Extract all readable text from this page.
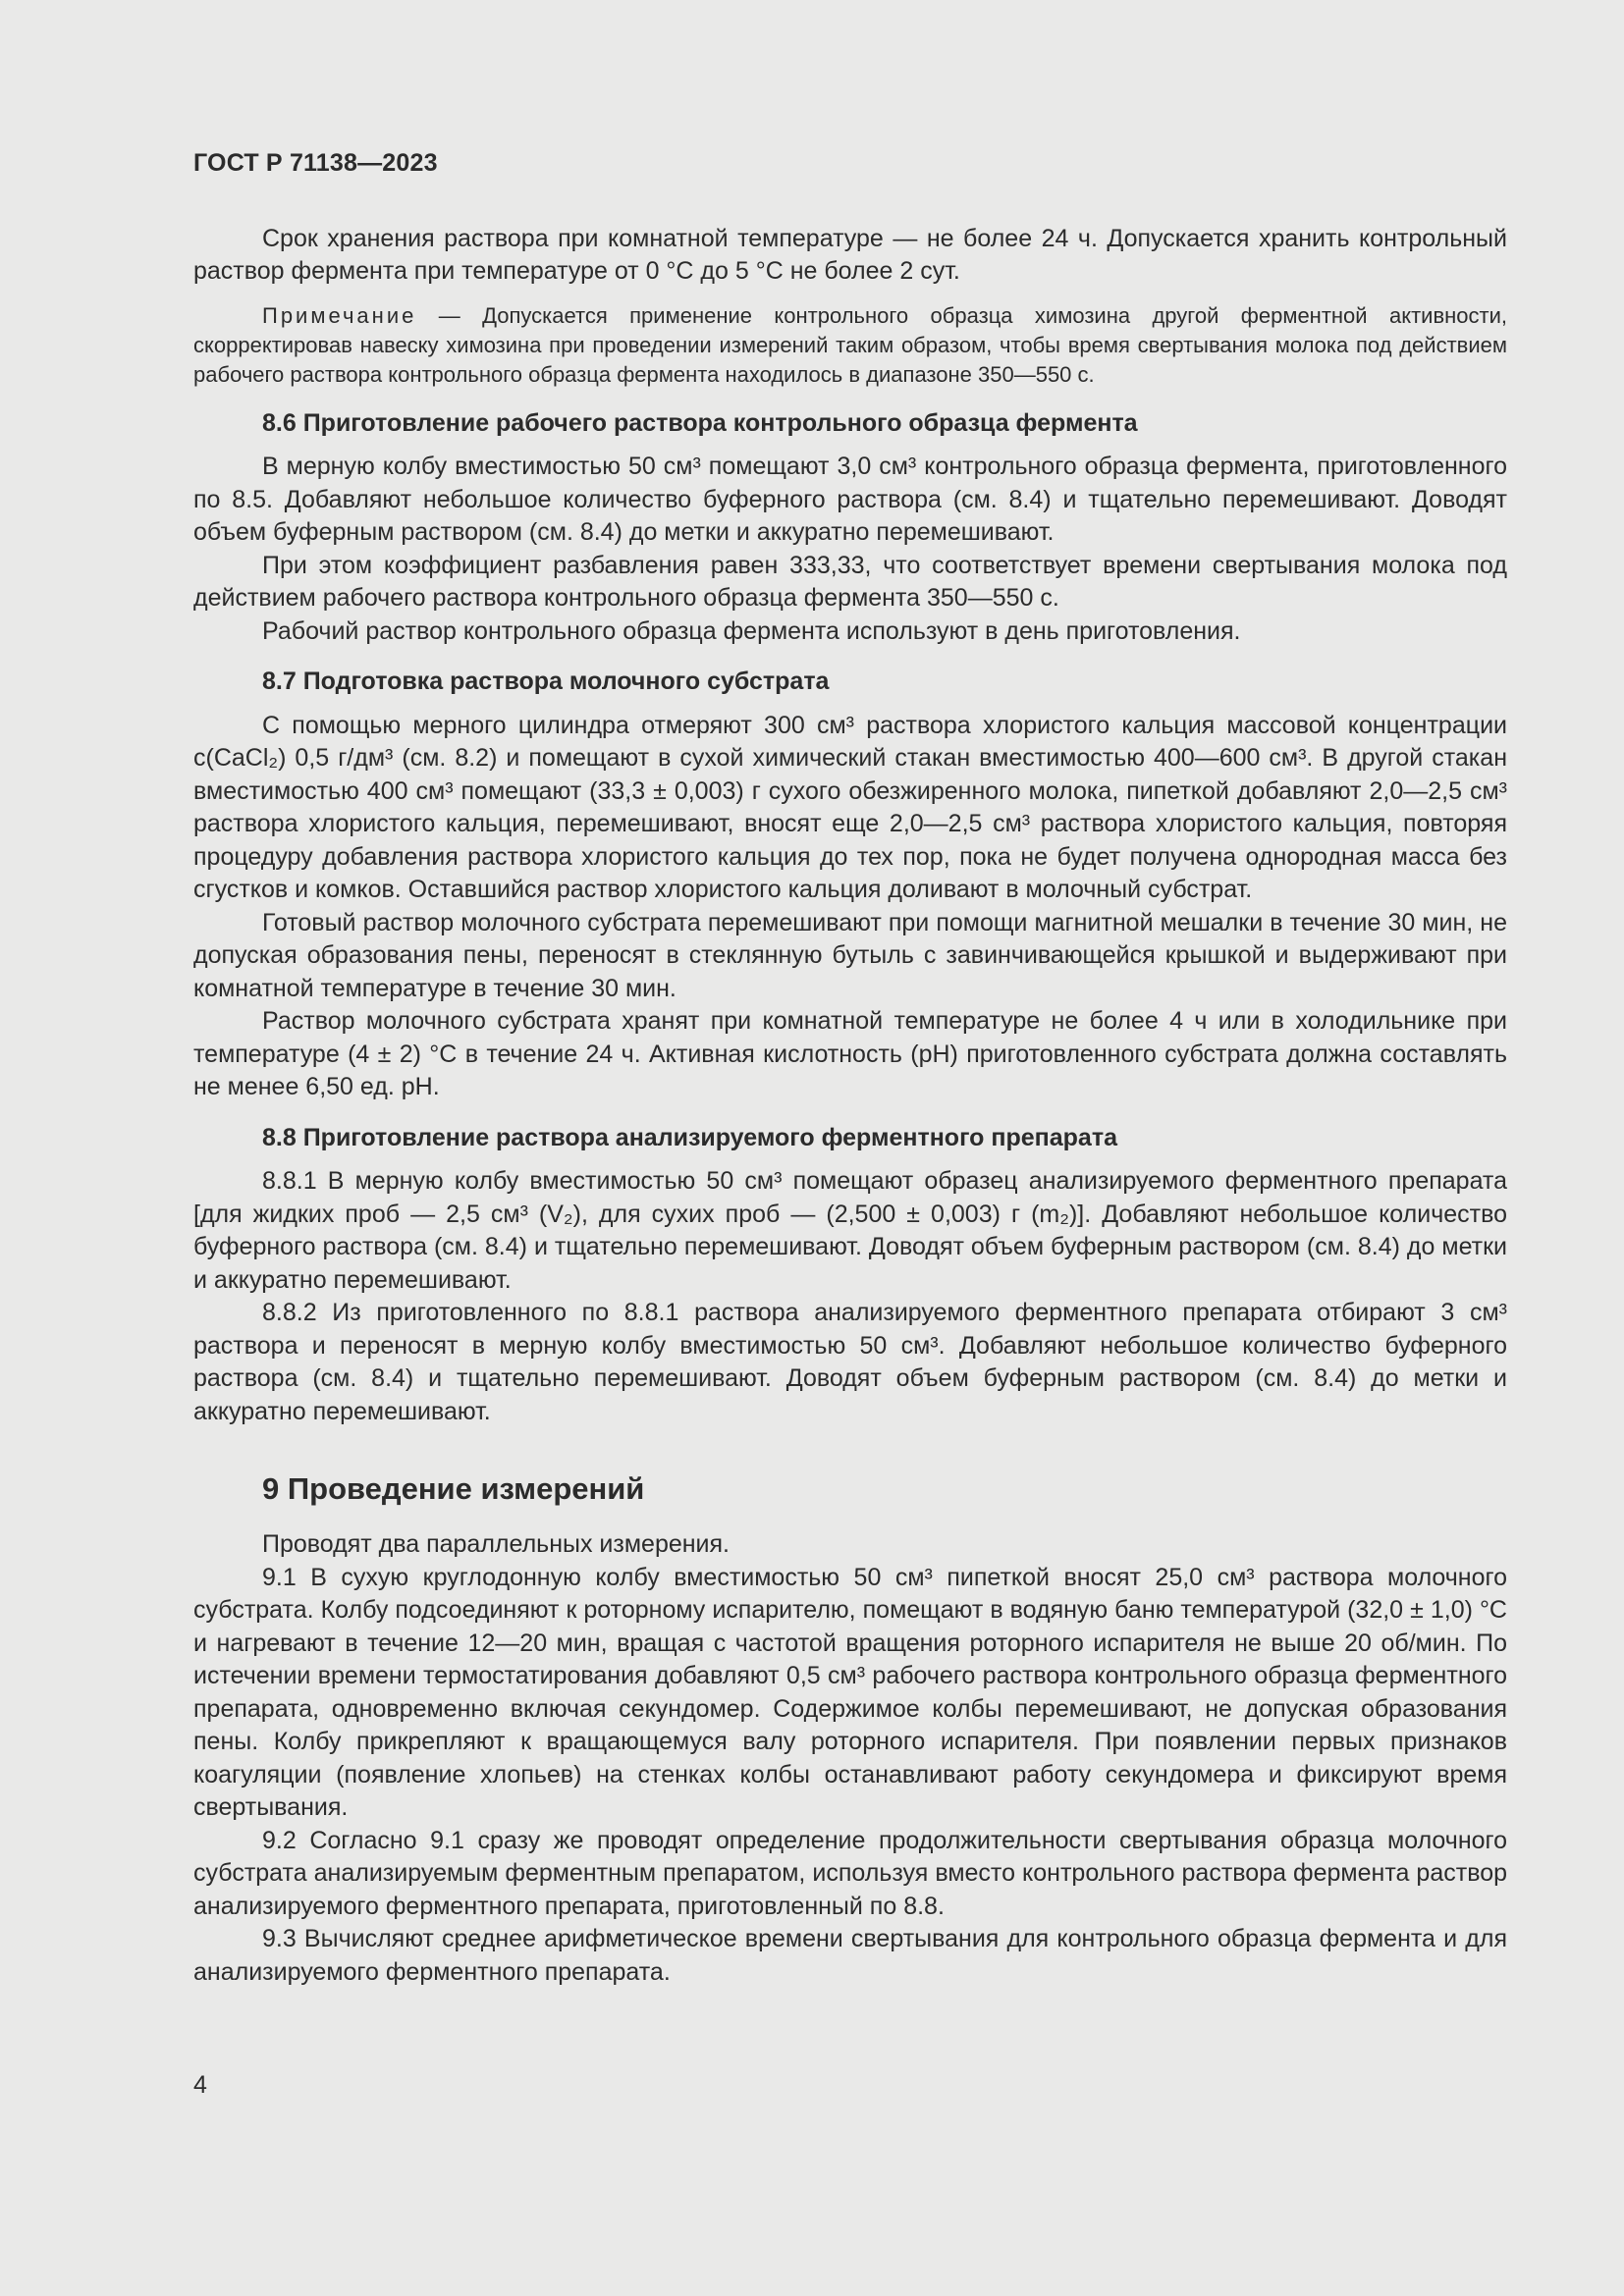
ГОСТ Р 71138—2023

Срок хранения раствора при комнатной температуре — не более 24 ч. Допускается хранить контрольный раствор фермента при температуре от 0 °С до 5 °С не более 2 сут.

Примечание — Допускается применение контрольного образца химозина другой ферментной активности, скорректировав навеску химозина при проведении измерений таким образом, чтобы время свертывания молока под действием рабочего раствора контрольного образца фермента находилось в диапазоне 350—550 с.

8.6 Приготовление рабочего раствора контрольного образца фермента

В мерную колбу вместимостью 50 см³ помещают 3,0 см³ контрольного образца фермента, приготовленного по 8.5. Добавляют небольшое количество буферного раствора (см. 8.4) и тщательно перемешивают. Доводят объем буферным раствором (см. 8.4) до метки и аккуратно перемешивают.

При этом коэффициент разбавления равен 333,33, что соответствует времени свертывания молока под действием рабочего раствора контрольного образца фермента 350—550 с.

Рабочий раствор контрольного образца фермента используют в день приготовления.

8.7 Подготовка раствора молочного субстрата

С помощью мерного цилиндра отмеряют 300 см³ раствора хлористого кальция массовой концентрации c(CaCl₂) 0,5 г/дм³ (см. 8.2) и помещают в сухой химический стакан вместимостью 400—600 см³. В другой стакан вместимостью 400 см³ помещают (33,3 ± 0,003) г сухого обезжиренного молока, пипеткой добавляют 2,0—2,5 см³ раствора хлористого кальция, перемешивают, вносят еще 2,0—2,5 см³ раствора хлористого кальция, повторяя процедуру добавления раствора хлористого кальция до тех пор, пока не будет получена однородная масса без сгустков и комков. Оставшийся раствор хлористого кальция доливают в молочный субстрат.

Готовый раствор молочного субстрата перемешивают при помощи магнитной мешалки в течение 30 мин, не допуская образования пены, переносят в стеклянную бутыль с завинчивающейся крышкой и выдерживают при комнатной температуре в течение 30 мин.

Раствор молочного субстрата хранят при комнатной температуре не более 4 ч или в холодильнике при температуре (4 ± 2) °С в течение 24 ч. Активная кислотность (pH) приготовленного субстрата должна составлять не менее 6,50 ед. pH.

8.8 Приготовление раствора анализируемого ферментного препарата

8.8.1 В мерную колбу вместимостью 50 см³ помещают образец анализируемого ферментного препарата [для жидких проб — 2,5 см³ (V₂), для сухих проб — (2,500 ± 0,003) г (m₂)]. Добавляют небольшое количество буферного раствора (см. 8.4) и тщательно перемешивают. Доводят объем буферным раствором (см. 8.4) до метки и аккуратно перемешивают.

8.8.2 Из приготовленного по 8.8.1 раствора анализируемого ферментного препарата отбирают 3 см³ раствора и переносят в мерную колбу вместимостью 50 см³. Добавляют небольшое количество буферного раствора (см. 8.4) и тщательно перемешивают. Доводят объем буферным раствором (см. 8.4) до метки и аккуратно перемешивают.

9 Проведение измерений

Проводят два параллельных измерения.

9.1 В сухую круглодонную колбу вместимостью 50 см³ пипеткой вносят 25,0 см³ раствора молочного субстрата. Колбу подсоединяют к роторному испарителю, помещают в водяную баню температурой (32,0 ± 1,0) °С и нагревают в течение 12—20 мин, вращая с частотой вращения роторного испарителя не выше 20 об/мин. По истечении времени термостатирования добавляют 0,5 см³ рабочего раствора контрольного образца ферментного препарата, одновременно включая секундомер. Содержимое колбы перемешивают, не допуская образования пены. Колбу прикрепляют к вращающемуся валу роторного испарителя. При появлении первых признаков коагуляции (появление хлопьев) на стенках колбы останавливают работу секундомера и фиксируют время свертывания.

9.2 Согласно 9.1 сразу же проводят определение продолжительности свертывания образца молочного субстрата анализируемым ферментным препаратом, используя вместо контрольного раствора фермента раствор анализируемого ферментного препарата, приготовленный по 8.8.

9.3 Вычисляют среднее арифметическое времени свертывания для контрольного образца фермента и для анализируемого ферментного препарата.

4
